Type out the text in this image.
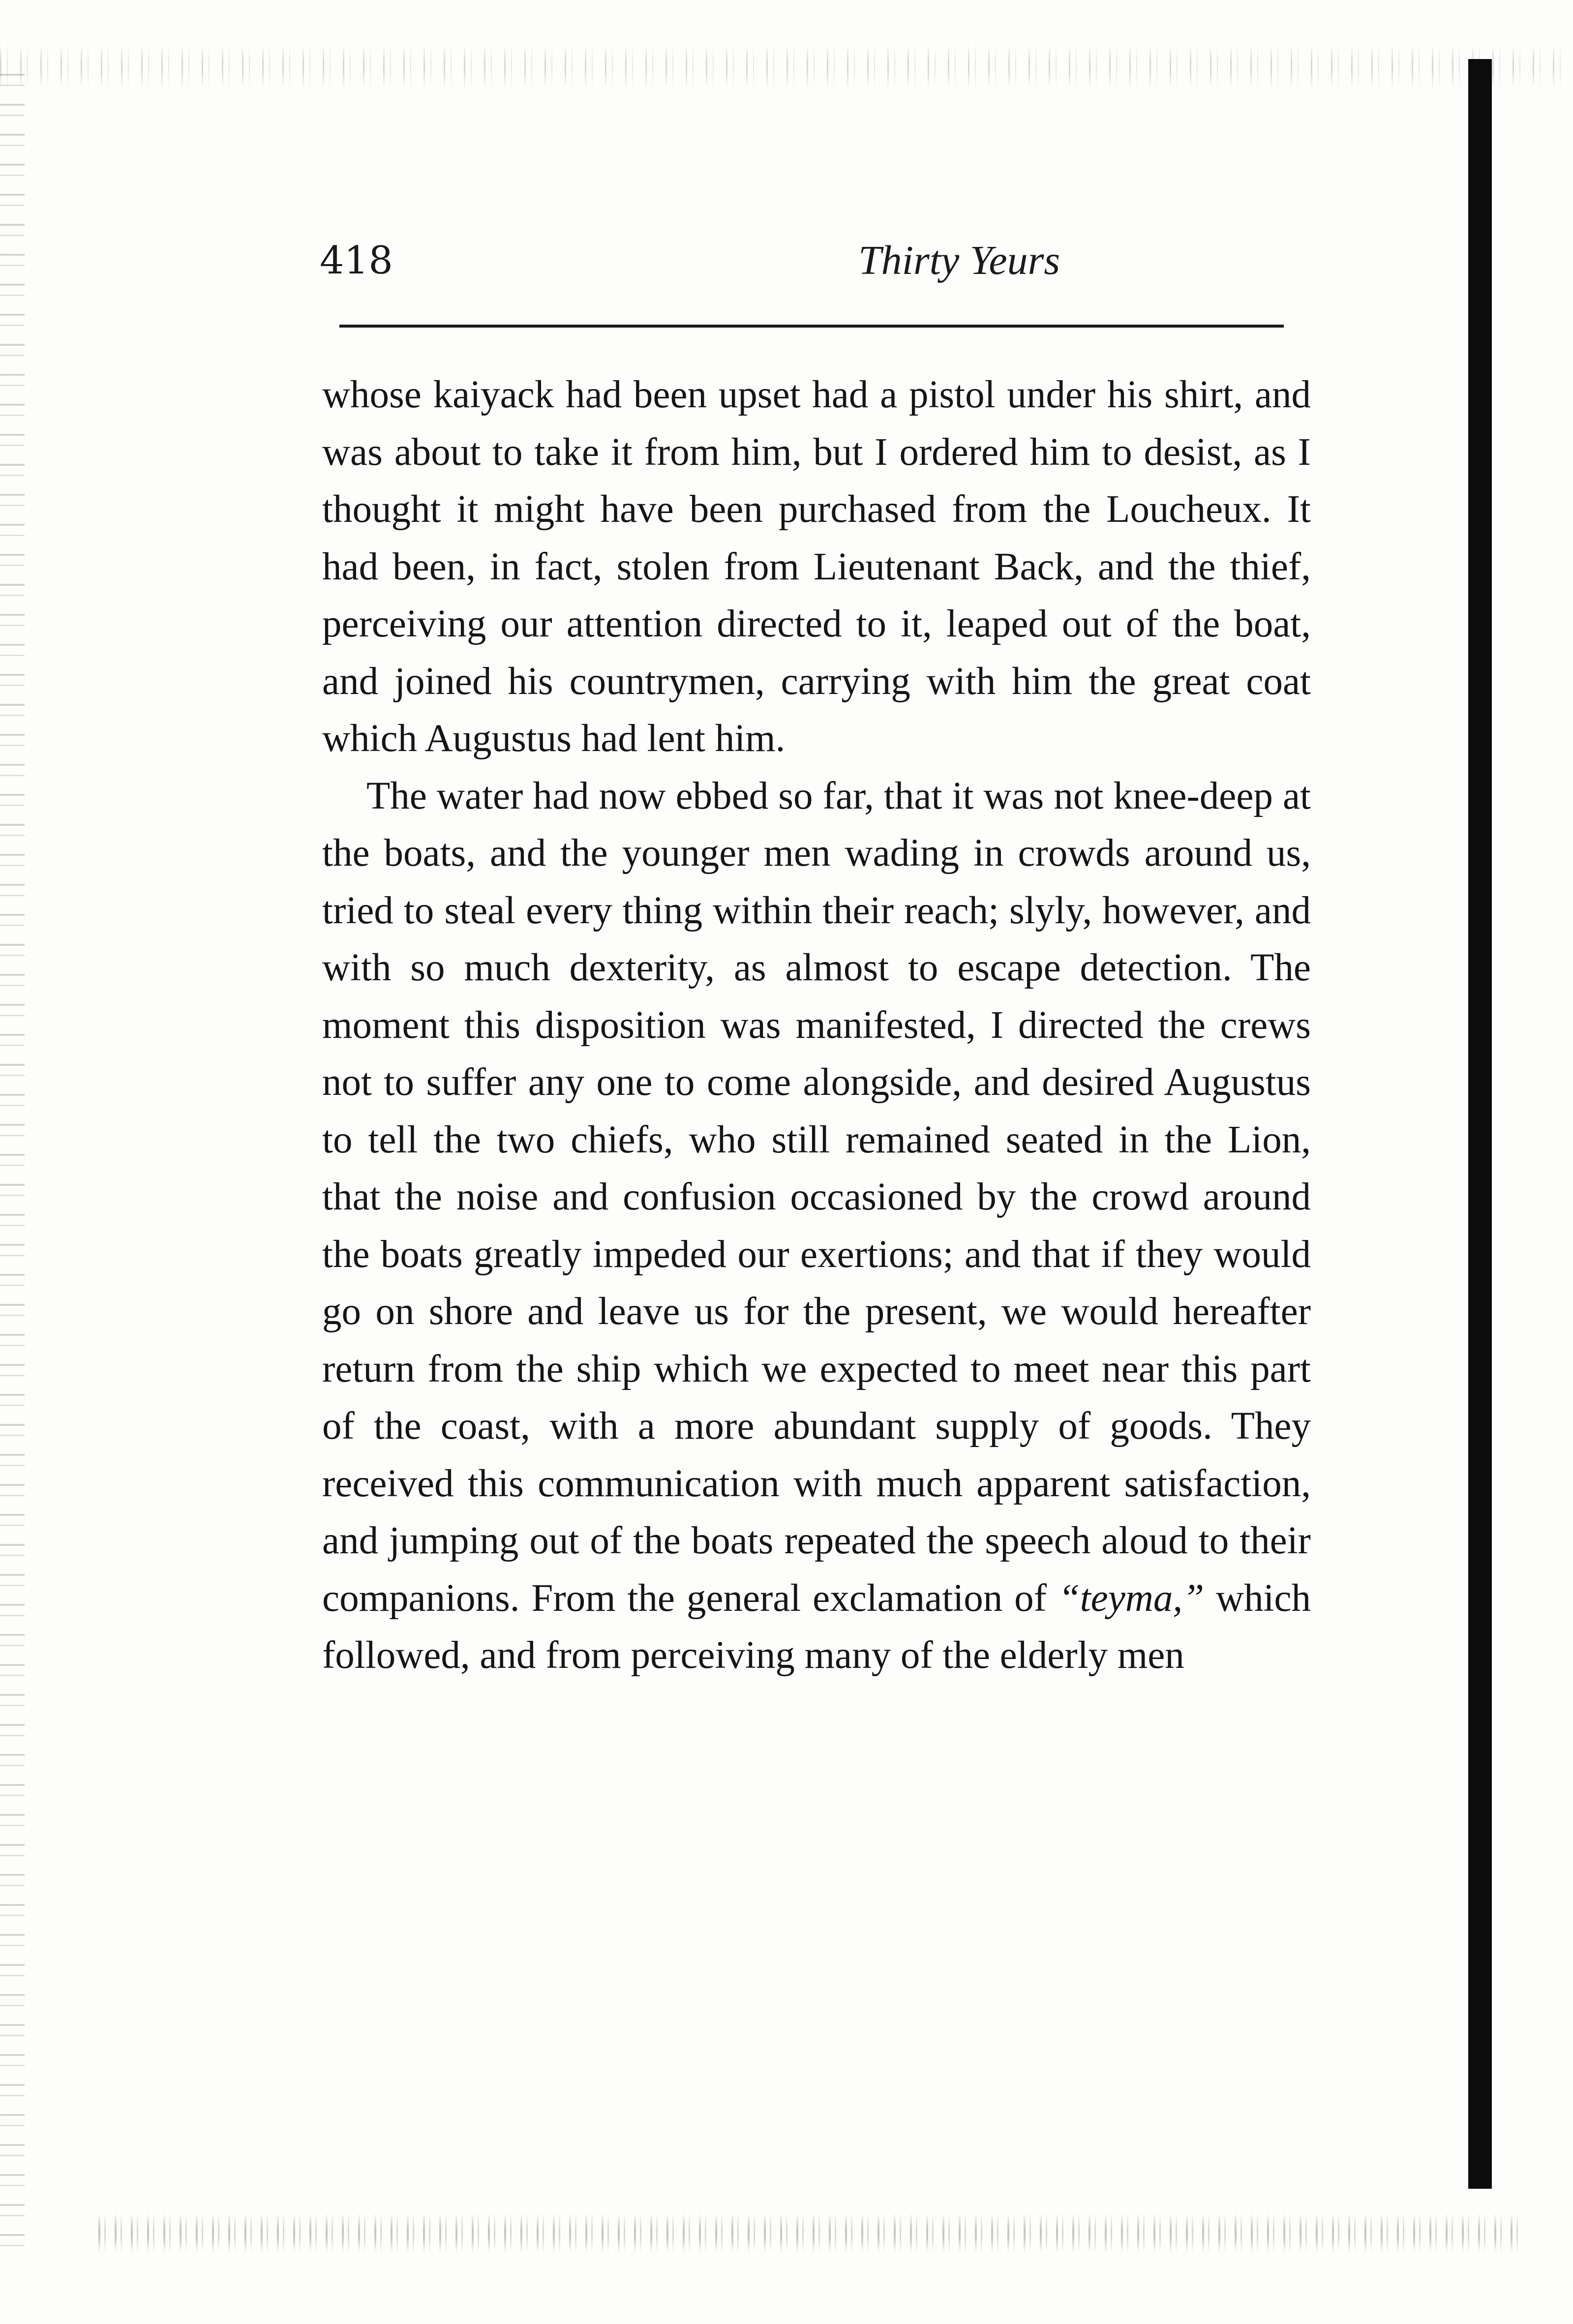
418	Thirty Yeurs

whose kaiyack had been upset had a pistol under his shirt, and was about to take it from him, but I ordered him to desist, as I thought it might have been purchased from the Loucheux. It had been, in fact, stolen from Lieutenant Back, and the thief, perceiving our attention directed to it, leaped out of the boat, and joined his countrymen, carrying with him the great coat which Augustus had lent him.

The water had now ebbed so far, that it was not knee-deep at the boats, and the younger men wading in crowds around us, tried to steal every thing within their reach; slyly, however, and with so much dexterity, as almost to escape detection. The moment this disposition was manifested, I directed the crews not to suffer any one to come alongside, and desired Augustus to tell the two chiefs, who still remained seated in the Lion, that the noise and confusion occasioned by the crowd around the boats greatly impeded our exertions; and that if they would go on shore and leave us for the present, we would hereafter return from the ship which we expected to meet near this part of the coast, with a more abundant supply of goods. They received this communication with much apparent satisfaction, and jumping out of the boats repeated the speech aloud to their companions. From the general exclamation of “teyma,” which followed, and from perceiving many of the elderly men
